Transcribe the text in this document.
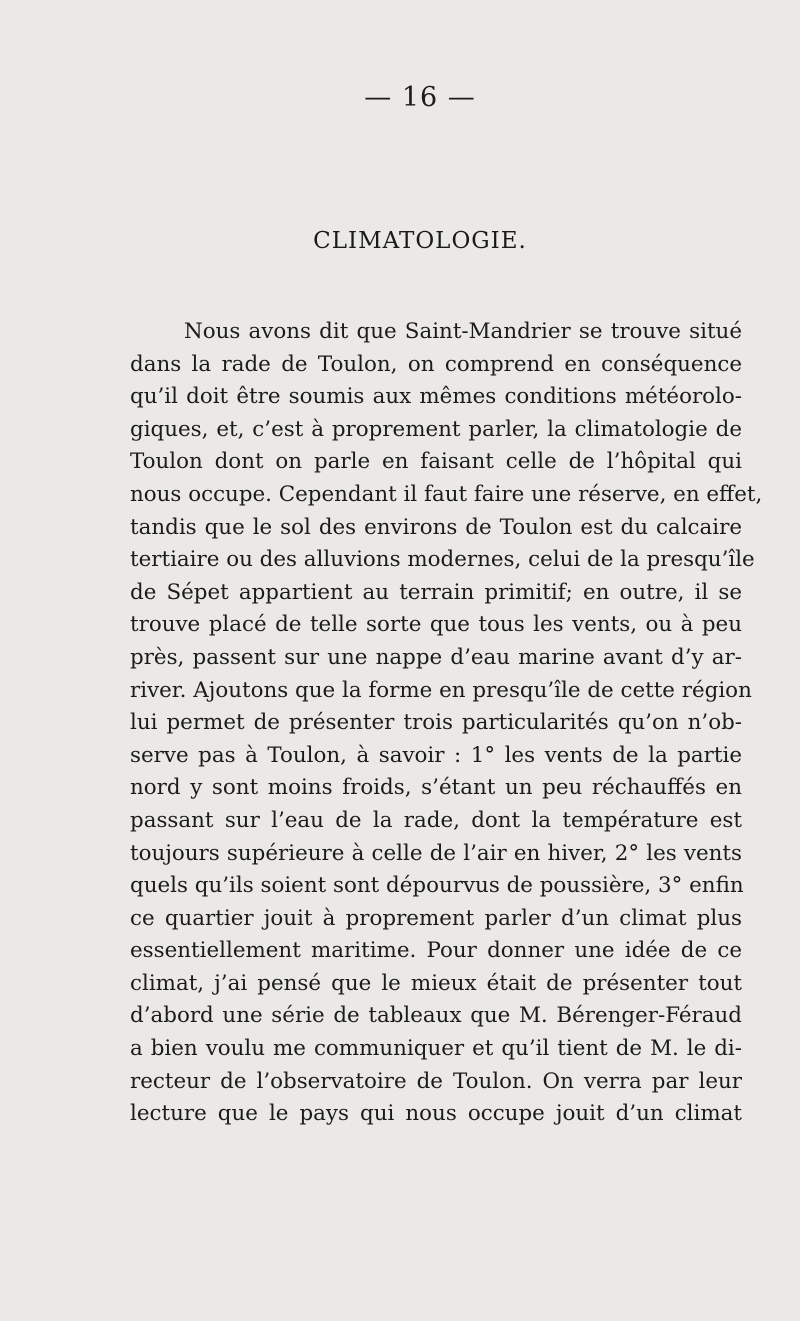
— 16 —
CLIMATOLOGIE.
Nous avons dit que Saint-Mandrier se trouve situé
dans la rade de Toulon, on comprend en conséquence
qu’il doit être soumis aux mêmes conditions météorolo-
giques, et, c’est à proprement parler, la climatologie de
Toulon dont on parle en faisant celle de l’hôpital qui
nous occupe. Cependant il faut faire une réserve, en effet,
tandis que le sol des environs de Toulon est du calcaire
tertiaire ou des alluvions modernes, celui de la presqu’île
de Sépet appartient au terrain primitif; en outre, il se
trouve placé de telle sorte que tous les vents, ou à peu
près, passent sur une nappe d’eau marine avant d’y ar-
river. Ajoutons que la forme en presqu’île de cette région
lui permet de présenter trois particularités qu’on n’ob-
serve pas à Toulon, à savoir : 1° les vents de la partie
nord y sont moins froids, s’étant un peu réchauffés en
passant sur l’eau de la rade, dont la température est
toujours supérieure à celle de l’air en hiver, 2° les vents
quels qu’ils soient sont dépourvus de poussière, 3° enfin
ce quartier jouit à proprement parler d’un climat plus
essentiellement maritime. Pour donner une idée de ce
climat, j’ai pensé que le mieux était de présenter tout
d’abord une série de tableaux que M. Bérenger-Féraud
a bien voulu me communiquer et qu’il tient de M. le di-
recteur de l’observatoire de Toulon. On verra par leur
lecture que le pays qui nous occupe jouit d’un climat
